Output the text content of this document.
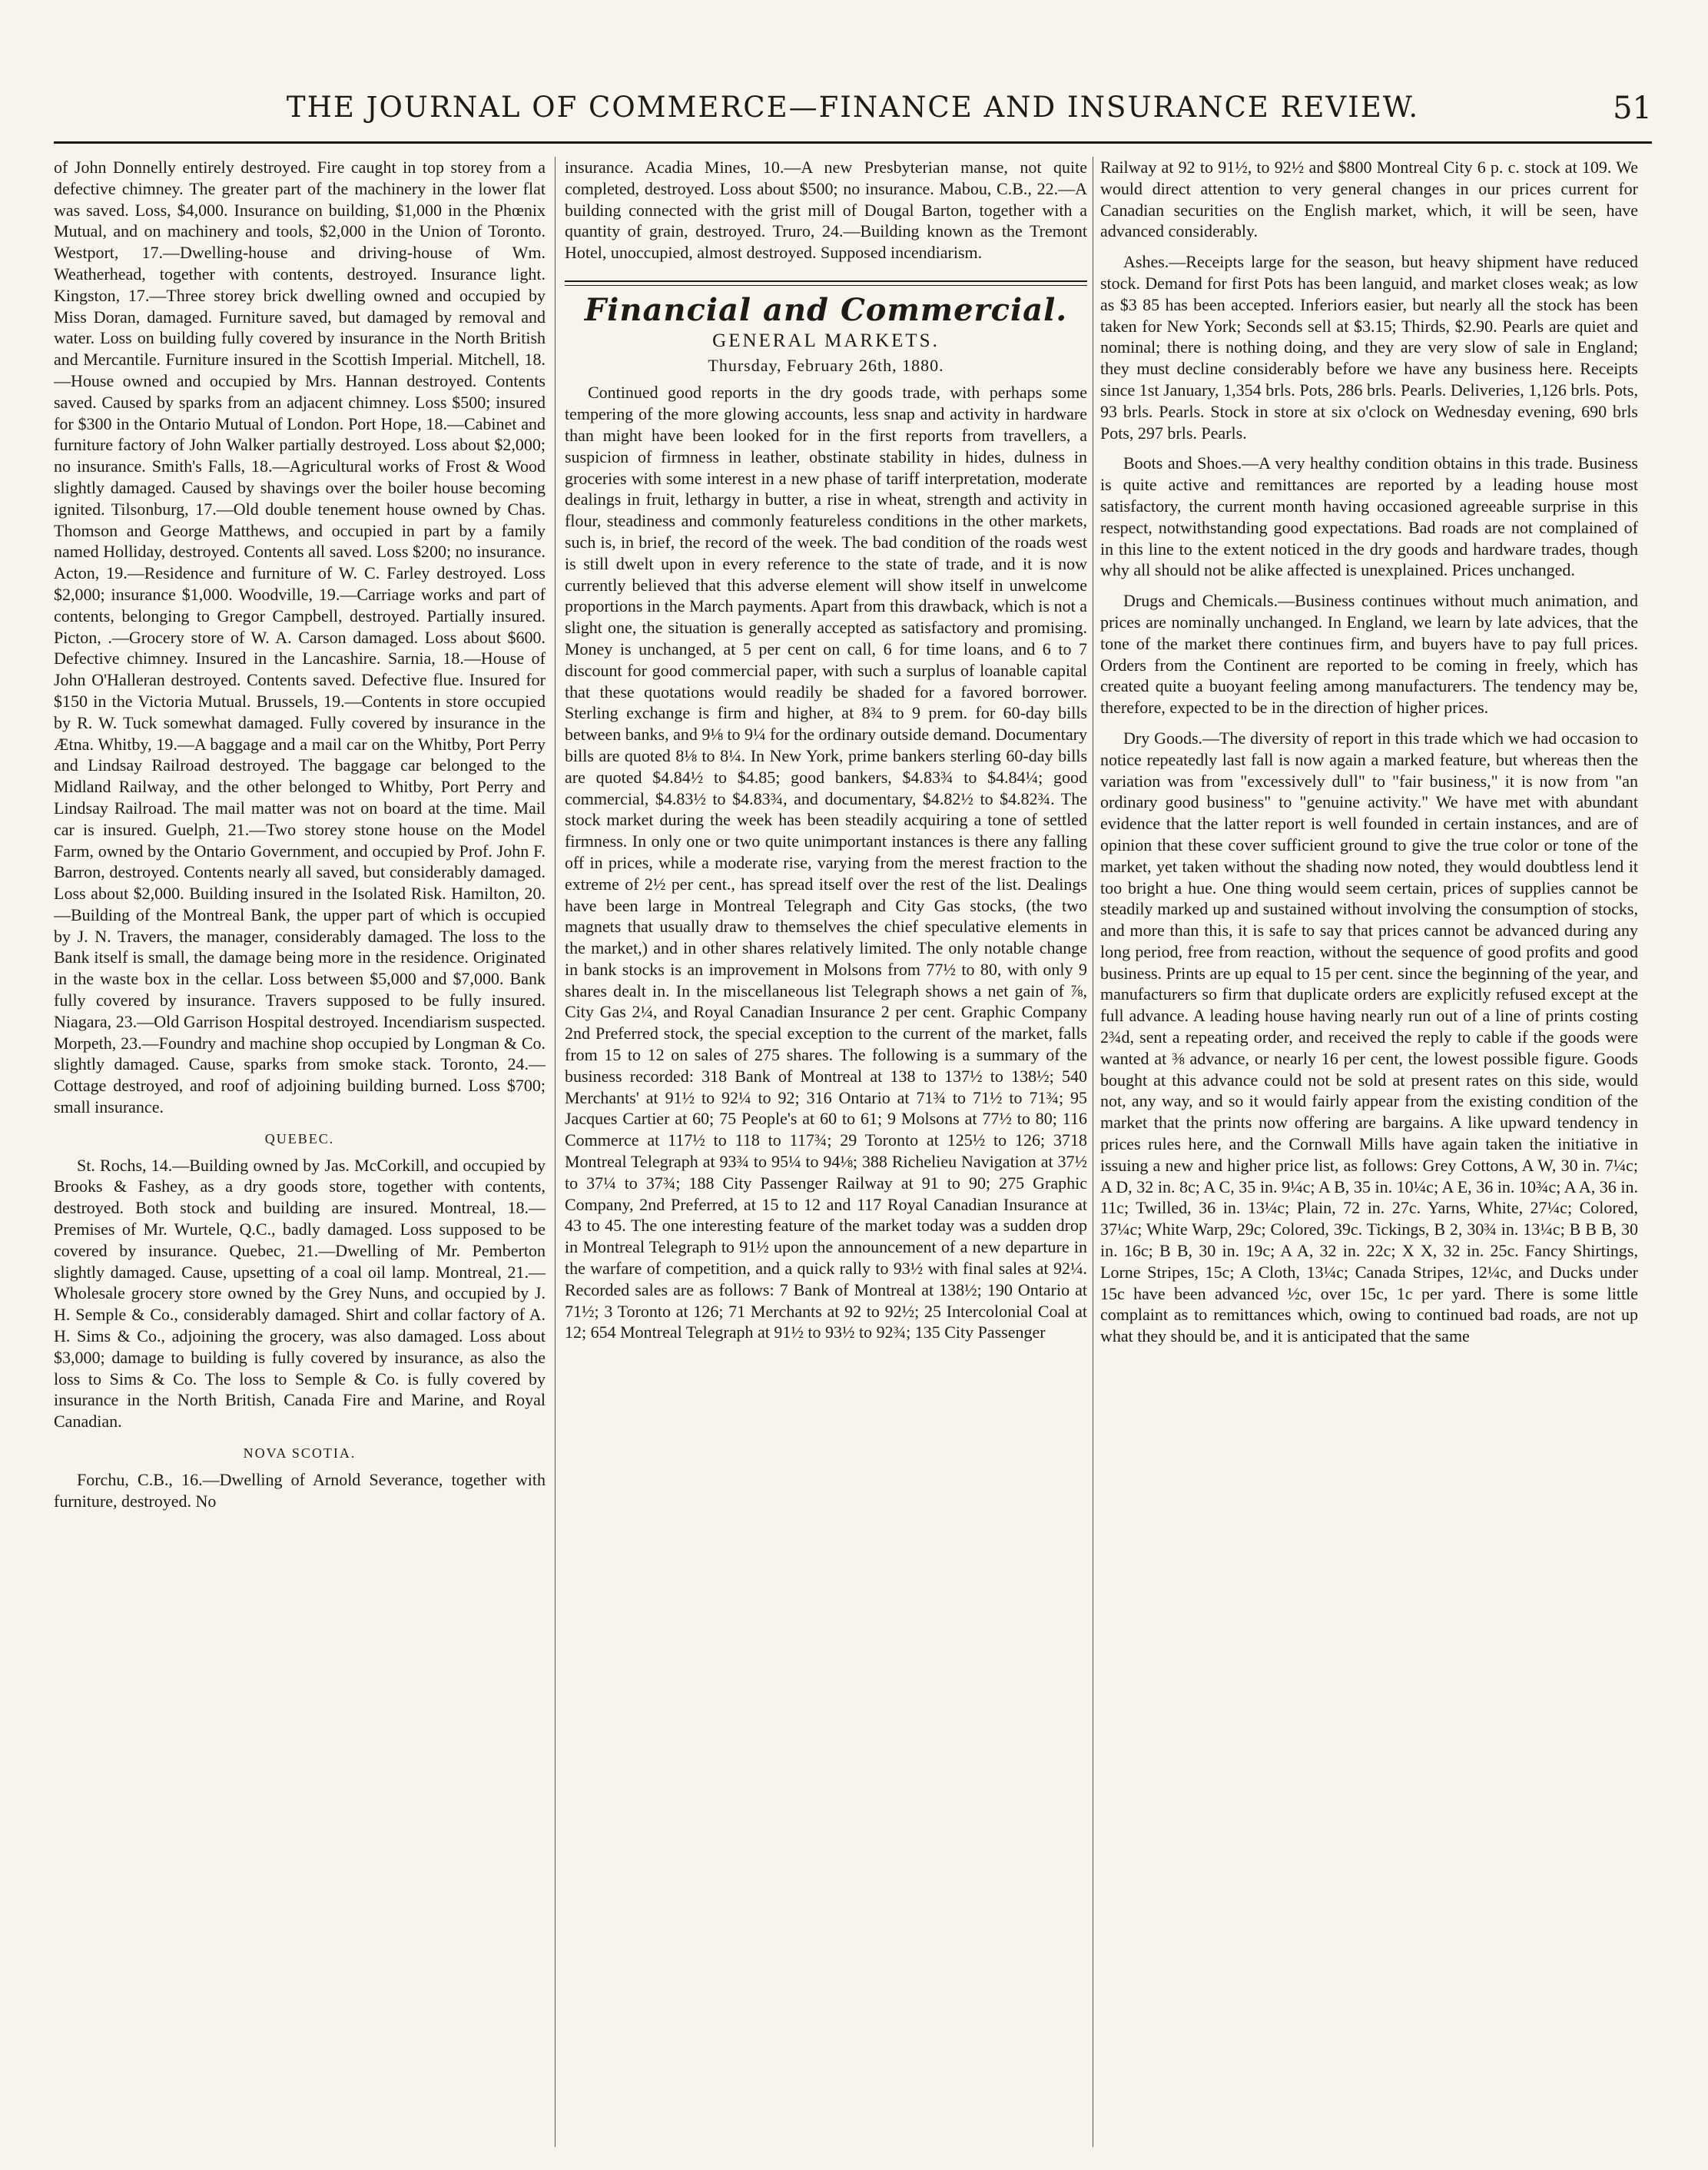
THE JOURNAL OF COMMERCE—FINANCE AND INSURANCE REVIEW.	51

of John Donnelly entirely destroyed. Fire caught in top storey from a defective chimney. The greater part of the machinery in the lower flat was saved. Loss, $4,000. Insurance on building, $1,000 in the Phœnix Mutual, and on machinery and tools, $2,000 in the Union of Toronto. Westport, 17.—Dwelling-house and driving-house of Wm. Weatherhead, together with contents, destroyed. Insurance light. Kingston, 17.—Three storey brick dwelling owned and occupied by Miss Doran, damaged. Furniture saved, but damaged by removal and water. Loss on building fully covered by insurance in the North British and Mercantile. Furniture insured in the Scottish Imperial. Mitchell, 18.—House owned and occupied by Mrs. Hannan destroyed. Contents saved. Caused by sparks from an adjacent chimney. Loss $500; insured for $300 in the Ontario Mutual of London. Port Hope, 18.—Cabinet and furniture factory of John Walker partially destroyed. Loss about $2,000; no insurance. Smith's Falls, 18.—Agricultural works of Frost & Wood slightly damaged. Caused by shavings over the boiler house becoming ignited. Tilsonburg, 17.—Old double tenement house owned by Chas. Thomson and George Matthews, and occupied in part by a family named Holliday, destroyed. Contents all saved. Loss $200; no insurance. Acton, 19.—Residence and furniture of W. C. Farley destroyed. Loss $2,000; insurance $1,000. Woodville, 19.—Carriage works and part of contents, belonging to Gregor Campbell, destroyed. Partially insured. Picton, .—Grocery store of W. A. Carson damaged. Loss about $600. Defective chimney. Insured in the Lancashire. Sarnia, 18.—House of John O'Halleran destroyed. Contents saved. Defective flue. Insured for $150 in the Victoria Mutual. Brussels, 19.—Contents in store occupied by R. W. Tuck somewhat damaged. Fully covered by insurance in the Ætna. Whitby, 19.—A baggage and a mail car on the Whitby, Port Perry and Lindsay Railroad destroyed. The baggage car belonged to the Midland Railway, and the other belonged to Whitby, Port Perry and Lindsay Railroad. The mail matter was not on board at the time. Mail car is insured. Guelph, 21.—Two storey stone house on the Model Farm, owned by the Ontario Government, and occupied by Prof. John F. Barron, destroyed. Contents nearly all saved, but considerably damaged. Loss about $2,000. Building insured in the Isolated Risk. Hamilton, 20.—Building of the Montreal Bank, the upper part of which is occupied by J. N. Travers, the manager, considerably damaged. The loss to the Bank itself is small, the damage being more in the residence. Originated in the waste box in the cellar. Loss between $5,000 and $7,000. Bank fully covered by insurance. Travers supposed to be fully insured. Niagara, 23.—Old Garrison Hospital destroyed. Incendiarism suspected. Morpeth, 23.—Foundry and machine shop occupied by Longman & Co. slightly damaged. Cause, sparks from smoke stack. Toronto, 24.—Cottage destroyed, and roof of adjoining building burned. Loss $700; small insurance.

QUEBEC.

St. Rochs, 14.—Building owned by Jas. McCorkill, and occupied by Brooks & Fashey, as a dry goods store, together with contents, destroyed. Both stock and building are insured. Montreal, 18.—Premises of Mr. Wurtele, Q.C., badly damaged. Loss supposed to be covered by insurance. Quebec, 21.—Dwelling of Mr. Pemberton slightly damaged. Cause, upsetting of a coal oil lamp. Montreal, 21.—Wholesale grocery store owned by the Grey Nuns, and occupied by J. H. Semple & Co., considerably damaged. Shirt and collar factory of A. H. Sims & Co., adjoining the grocery, was also damaged. Loss about $3,000; damage to building is fully covered by insurance, as also the loss to Sims & Co. The loss to Semple & Co. is fully covered by insurance in the North British, Canada Fire and Marine, and Royal Canadian.

NOVA SCOTIA.

Forchu, C.B., 16.—Dwelling of Arnold Severance, together with furniture, destroyed. No

insurance. Acadia Mines, 10.—A new Presbyterian manse, not quite completed, destroyed. Loss about $500; no insurance. Mabou, C.B., 22.—A building connected with the grist mill of Dougal Barton, together with a quantity of grain, destroyed. Truro, 24.—Building known as the Tremont Hotel, unoccupied, almost destroyed. Supposed incendiarism.

Financial and Commercial.
GENERAL MARKETS.
Thursday, February 26th, 1880.

Continued good reports in the dry goods trade, with perhaps some tempering of the more glowing accounts, less snap and activity in hardware than might have been looked for in the first reports from travellers, a suspicion of firmness in leather, obstinate stability in hides, dulness in groceries with some interest in a new phase of tariff interpretation, moderate dealings in fruit, lethargy in butter, a rise in wheat, strength and activity in flour, steadiness and commonly featureless conditions in the other markets, such is, in brief, the record of the week. The bad condition of the roads west is still dwelt upon in every reference to the state of trade, and it is now currently believed that this adverse element will show itself in unwelcome proportions in the March payments. Apart from this drawback, which is not a slight one, the situation is generally accepted as satisfactory and promising. Money is unchanged, at 5 per cent on call, 6 for time loans, and 6 to 7 discount for good commercial paper, with such a surplus of loanable capital that these quotations would readily be shaded for a favored borrower. Sterling exchange is firm and higher, at 8¾ to 9 prem. for 60-day bills between banks, and 9⅛ to 9¼ for the ordinary outside demand. Documentary bills are quoted 8⅛ to 8¼. In New York, prime bankers sterling 60-day bills are quoted $4.84½ to $4.85; good bankers, $4.83¾ to $4.84¼; good commercial, $4.83½ to $4.83¾, and documentary, $4.82½ to $4.82¾. The stock market during the week has been steadily acquiring a tone of settled firmness. In only one or two quite unimportant instances is there any falling off in prices, while a moderate rise, varying from the merest fraction to the extreme of 2½ per cent., has spread itself over the rest of the list. Dealings have been large in Montreal Telegraph and City Gas stocks, (the two magnets that usually draw to themselves the chief speculative elements in the market,) and in other shares relatively limited. The only notable change in bank stocks is an improvement in Molsons from 77½ to 80, with only 9 shares dealt in. In the miscellaneous list Telegraph shows a net gain of ⅞, City Gas 2¼, and Royal Canadian Insurance 2 per cent. Graphic Company 2nd Preferred stock, the special exception to the current of the market, falls from 15 to 12 on sales of 275 shares. The following is a summary of the business recorded: 318 Bank of Montreal at 138 to 137½ to 138½; 540 Merchants' at 91½ to 92¼ to 92; 316 Ontario at 71¾ to 71½ to 71¾; 95 Jacques Cartier at 60; 75 People's at 60 to 61; 9 Molsons at 77½ to 80; 116 Commerce at 117½ to 118 to 117¾; 29 Toronto at 125½ to 126; 3718 Montreal Telegraph at 93¾ to 95¼ to 94⅛; 388 Richelieu Navigation at 37½ to 37¼ to 37¾; 188 City Passenger Railway at 91 to 90; 275 Graphic Company, 2nd Preferred, at 15 to 12 and 117 Royal Canadian Insurance at 43 to 45. The one interesting feature of the market today was a sudden drop in Montreal Telegraph to 91½ upon the announcement of a new departure in the warfare of competition, and a quick rally to 93½ with final sales at 92¼. Recorded sales are as follows: 7 Bank of Montreal at 138½; 190 Ontario at 71½; 3 Toronto at 126; 71 Merchants at 92 to 92½; 25 Intercolonial Coal at 12; 654 Montreal Telegraph at 91½ to 93½ to 92¾; 135 City Passenger

Railway at 92 to 91½, to 92½ and $800 Montreal City 6 p. c. stock at 109. We would direct attention to very general changes in our prices current for Canadian securities on the English market, which, it will be seen, have advanced considerably.

Ashes.—Receipts large for the season, but heavy shipment have reduced stock. Demand for first Pots has been languid, and market closes weak; as low as $3 85 has been accepted. Inferiors easier, but nearly all the stock has been taken for New York; Seconds sell at $3.15; Thirds, $2.90. Pearls are quiet and nominal; there is nothing doing, and they are very slow of sale in England; they must decline considerably before we have any business here. Receipts since 1st January, 1,354 brls. Pots, 286 brls. Pearls. Deliveries, 1,126 brls. Pots, 93 brls. Pearls. Stock in store at six o'clock on Wednesday evening, 690 brls Pots, 297 brls. Pearls.

Boots and Shoes.—A very healthy condition obtains in this trade. Business is quite active and remittances are reported by a leading house most satisfactory, the current month having occasioned agreeable surprise in this respect, notwithstanding good expectations. Bad roads are not complained of in this line to the extent noticed in the dry goods and hardware trades, though why all should not be alike affected is unexplained. Prices unchanged.

Drugs and Chemicals.—Business continues without much animation, and prices are nominally unchanged. In England, we learn by late advices, that the tone of the market there continues firm, and buyers have to pay full prices. Orders from the Continent are reported to be coming in freely, which has created quite a buoyant feeling among manufacturers. The tendency may be, therefore, expected to be in the direction of higher prices.

Dry Goods.—The diversity of report in this trade which we had occasion to notice repeatedly last fall is now again a marked feature, but whereas then the variation was from "excessively dull" to "fair business," it is now from "an ordinary good business" to "genuine activity." We have met with abundant evidence that the latter report is well founded in certain instances, and are of opinion that these cover sufficient ground to give the true color or tone of the market, yet taken without the shading now noted, they would doubtless lend it too bright a hue. One thing would seem certain, prices of supplies cannot be steadily marked up and sustained without involving the consumption of stocks, and more than this, it is safe to say that prices cannot be advanced during any long period, free from reaction, without the sequence of good profits and good business. Prints are up equal to 15 per cent. since the beginning of the year, and manufacturers so firm that duplicate orders are explicitly refused except at the full advance. A leading house having nearly run out of a line of prints costing 2¾d, sent a repeating order, and received the reply to cable if the goods were wanted at ⅜ advance, or nearly 16 per cent, the lowest possible figure. Goods bought at this advance could not be sold at present rates on this side, would not, any way, and so it would fairly appear from the existing condition of the market that the prints now offering are bargains. A like upward tendency in prices rules here, and the Cornwall Mills have again taken the initiative in issuing a new and higher price list, as follows: Grey Cottons, A W, 30 in. 7¼c; A D, 32 in. 8c; A C, 35 in. 9¼c; A B, 35 in. 10¼c; A E, 36 in. 10¾c; A A, 36 in. 11c; Twilled, 36 in. 13¼c; Plain, 72 in. 27c. Yarns, White, 27¼c; Colored, 37¼c; White Warp, 29c; Colored, 39c. Tickings, B 2, 30¾ in. 13¼c; B B B, 30 in. 16c; B B, 30 in. 19c; A A, 32 in. 22c; X X, 32 in. 25c. Fancy Shirtings, Lorne Stripes, 15c; A Cloth, 13¼c; Canada Stripes, 12¼c, and Ducks under 15c have been advanced ½c, over 15c, 1c per yard. There is some little complaint as to remittances which, owing to continued bad roads, are not up what they should be, and it is anticipated that the same
